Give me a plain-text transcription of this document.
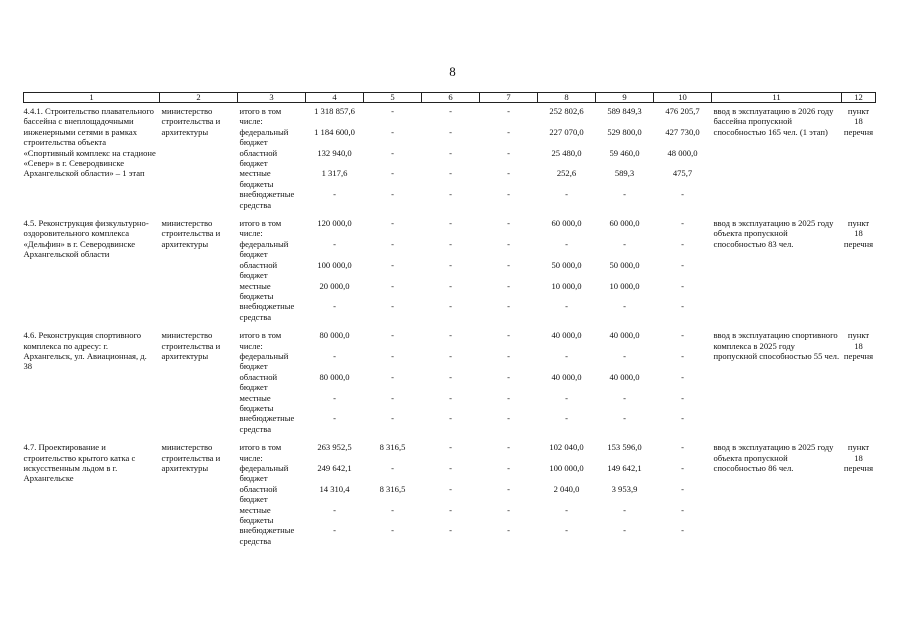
8
1	2	3	4	5	6	7	8	9	10	11	12

4.4.1. Строительство плавательного бассейна с внеплощадочными инженерными сетями в рамках строительства объекта «Спортивный комплекс на стадионе «Север» в г. Северодвинске Архангельской области» – 1 этап	министерство строительства и архитектуры	итого в том числе:	1 318 857,6	-	-	-	252 802,6	589 849,3	476 205,7	ввод в эксплуатацию в 2026 году бассейна пропускной способностью 165 чел. (1 этап)	пункт 18 перечня
		федеральный бюджет	1 184 600,0	-	-	-	227 070,0	529 800,0	427 730,0		
		областной бюджет	132 940,0	-	-	-	25 480,0	59 460,0	48 000,0		
		местные бюджеты	1 317,6	-	-	-	252,6	589,3	475,7		
		внебюджетные средства	-	-	-	-	-	-	-		

4.5. Реконструкция физкультурно-оздоровительного комплекса «Дельфин» в г. Северодвинске Архангельской области	министерство строительства и архитектуры	итого в том числе:	120 000,0	-	-	-	60 000,0	60 000,0	-	ввод в эксплуатацию в 2025 году объекта пропускной способностью 83 чел.	пункт 18 перечня
		федеральный бюджет	-	-	-	-	-	-	-		
		областной бюджет	100 000,0	-	-	-	50 000,0	50 000,0	-		
		местные бюджеты	20 000,0	-	-	-	10 000,0	10 000,0	-		
		внебюджетные средства	-	-	-	-	-	-	-		

4.6. Реконструкция спортивного комплекса по адресу: г. Архангельск, ул. Авиационная, д. 38	министерство строительства и архитектуры	итого в том числе:	80 000,0	-	-	-	40 000,0	40 000,0	-	ввод в эксплуатацию спортивного комплекса в 2025 году пропускной способностью 55 чел.	пункт 18 перечня
		федеральный бюджет	-	-	-	-	-	-	-		
		областной бюджет	80 000,0	-	-	-	40 000,0	40 000,0	-		
		местные бюджеты	-	-	-	-	-	-	-		
		внебюджетные средства	-	-	-	-	-	-	-		

4.7. Проектирование и строительство крытого катка с искусственным льдом в г. Архангельске	министерство строительства и архитектуры	итого в том числе:	263 952,5	8 316,5	-	-	102 040,0	153 596,0	-	ввод в эксплуатацию в 2025 году объекта пропускной способностью 86 чел.	пункт 18 перечня
		федеральный бюджет	249 642,1	-	-	-	100 000,0	149 642,1	-		
		областной бюджет	14 310,4	8 316,5	-	-	2 040,0	3 953,9	-		
		местные бюджеты	-	-	-	-	-	-	-		
		внебюджетные средства	-	-	-	-	-	-	-		
